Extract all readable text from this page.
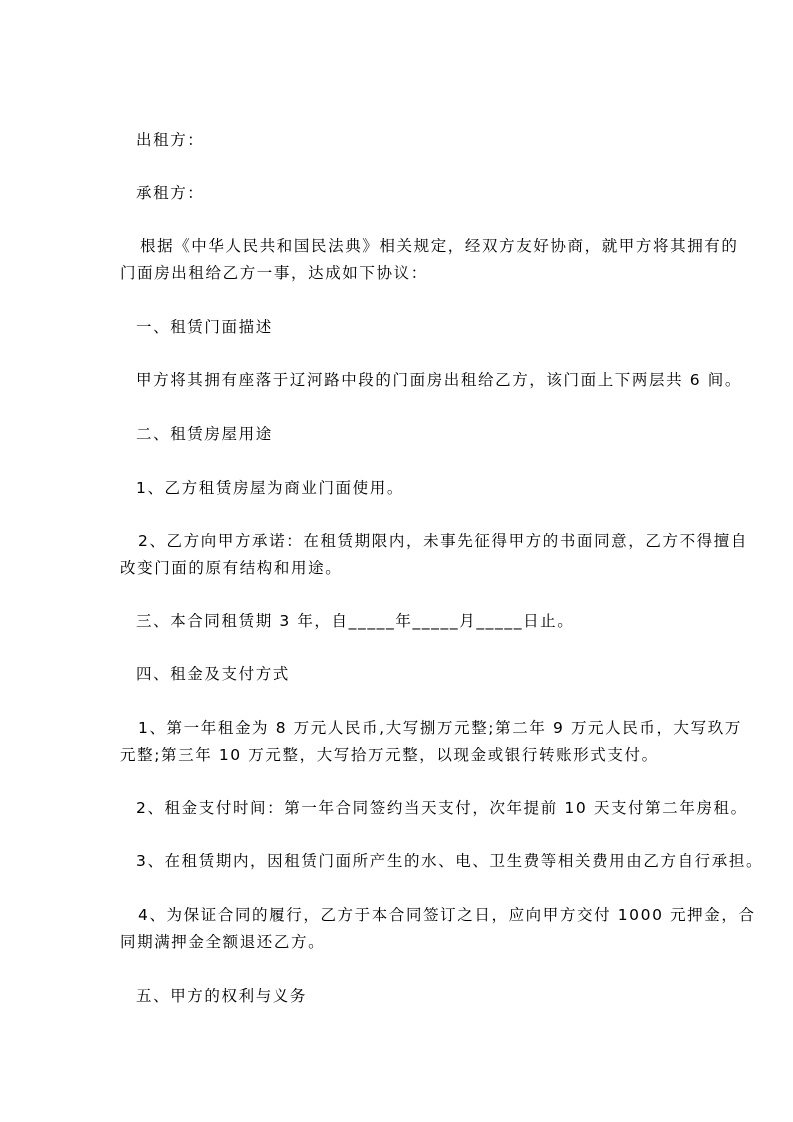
出租方：
承租方：
根据《中华人民共和国民法典》相关规定，经双方友好协商，就甲方将其拥有的
门面房出租给乙方一事，达成如下协议：
一、租赁门面描述
甲方将其拥有座落于辽河路中段的门面房出租给乙方，该门面上下两层共 6 间。
二、租赁房屋用途
1、乙方租赁房屋为商业门面使用。
2、乙方向甲方承诺：在租赁期限内，未事先征得甲方的书面同意，乙方不得擅自
改变门面的原有结构和用途。
三、本合同租赁期 3 年，自_____年_____月_____日止。
四、租金及支付方式
1、第一年租金为 8 万元人民币,大写捌万元整;第二年 9 万元人民币，大写玖万
元整;第三年 10 万元整，大写拾万元整，以现金或银行转账形式支付。
2、租金支付时间：第一年合同签约当天支付，次年提前 10 天支付第二年房租。
3、在租赁期内，因租赁门面所产生的水、电、卫生费等相关费用由乙方自行承担。
4、为保证合同的履行，乙方于本合同签订之日，应向甲方交付 1000 元押金，合
同期满押金全额退还乙方。
五、甲方的权利与义务
